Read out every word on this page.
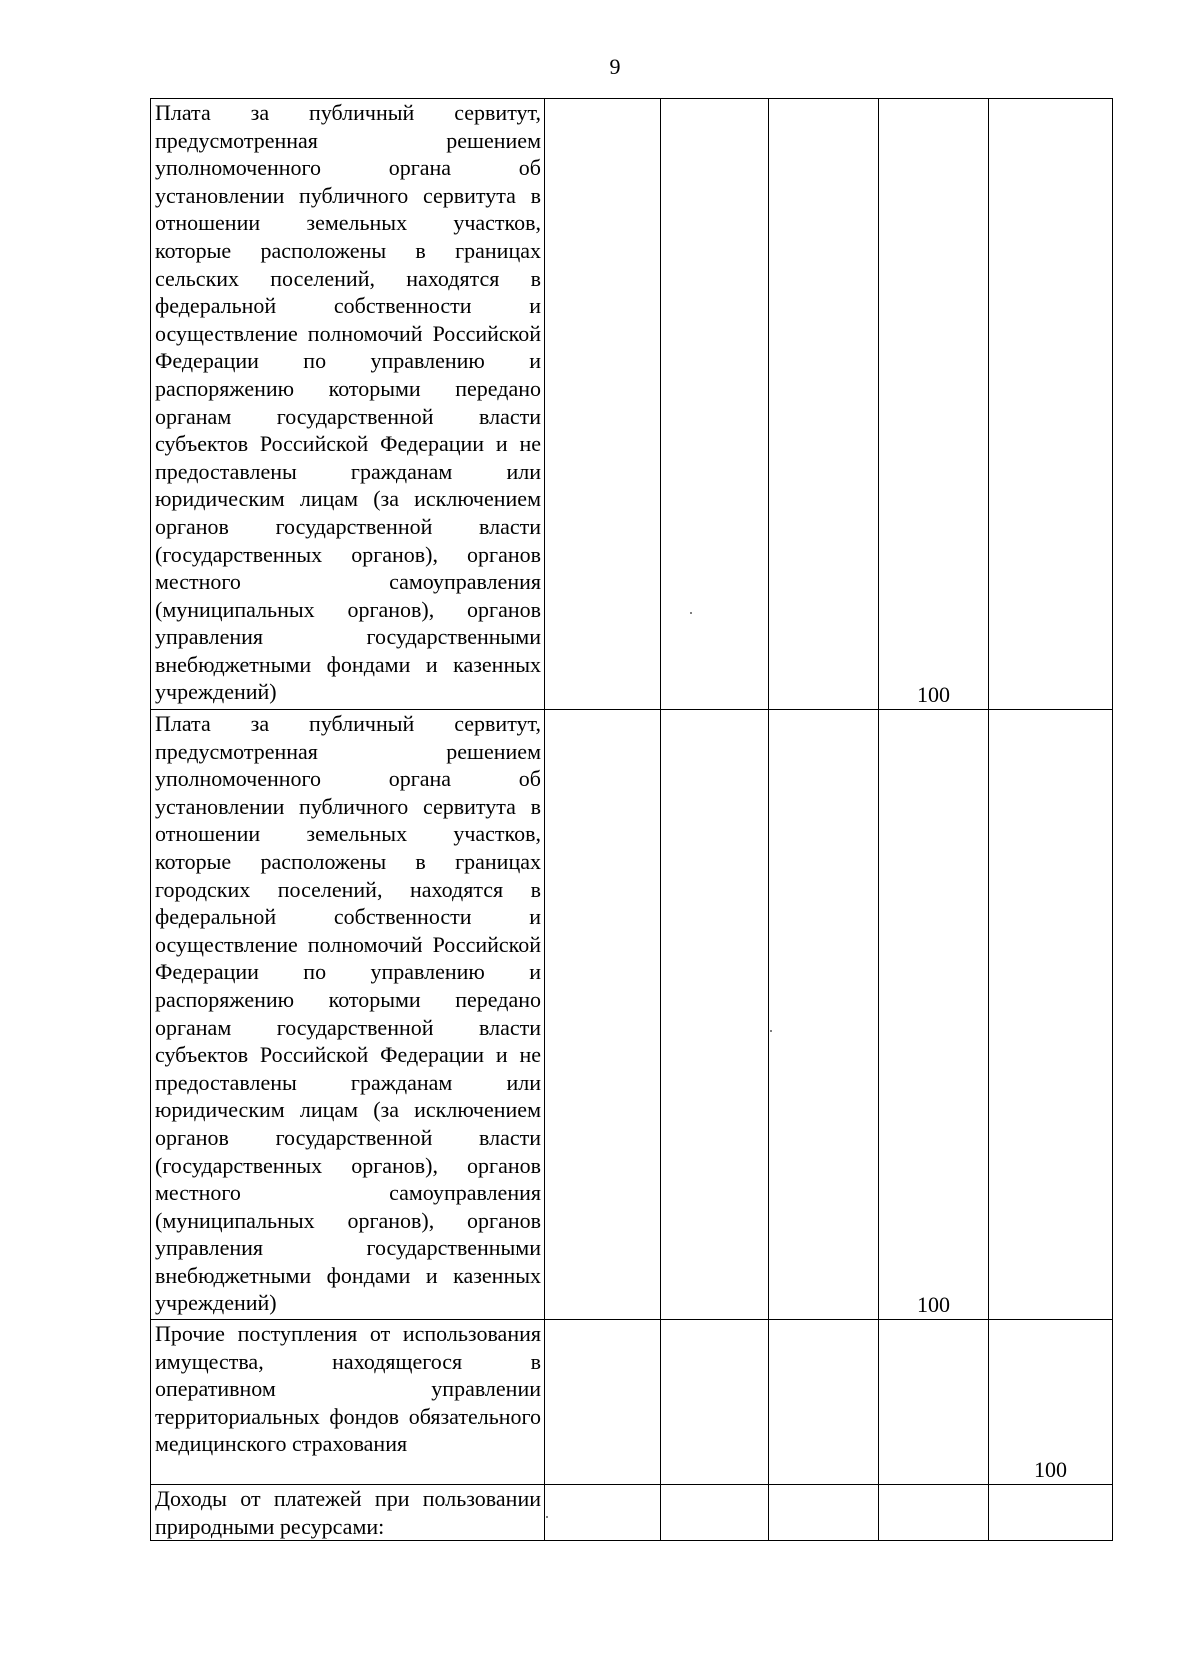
9
Плата за публичный сервитут, предусмотренная решением уполномоченного органа об установлении публичного сервитута в отношении земельных участков, которые расположены в границах сельских поселений, находятся в федеральной собственности и осуществление полномочий Российской Федерации по управлению и распоряжению которыми передано органам государственной власти субъектов Российской Федерации и не предоставлены гражданам или юридическим лицам (за исключением органов государственной власти (государственных органов), органов местного самоуправления (муниципальных органов), органов управления государственными внебюджетными фондами и казенных учреждений)				100	

Плата за публичный сервитут, предусмотренная решением уполномоченного органа об установлении публичного сервитута в отношении земельных участков, которые расположены в границах городских поселений, находятся в федеральной собственности и осуществление полномочий Российской Федерации по управлению и распоряжению которыми передано органам государственной власти субъектов Российской Федерации и не предоставлены гражданам или юридическим лицам (за исключением органов государственной власти (государственных органов), органов местного самоуправления (муниципальных органов), органов управления государственными внебюджетными фондами и казенных учреждений)				100	

Прочие поступления от использования имущества, находящегося в оперативном управлении территориальных фондов обязательного медицинского страхования					100

Доходы от платежей при пользовании природными ресурсами:					
